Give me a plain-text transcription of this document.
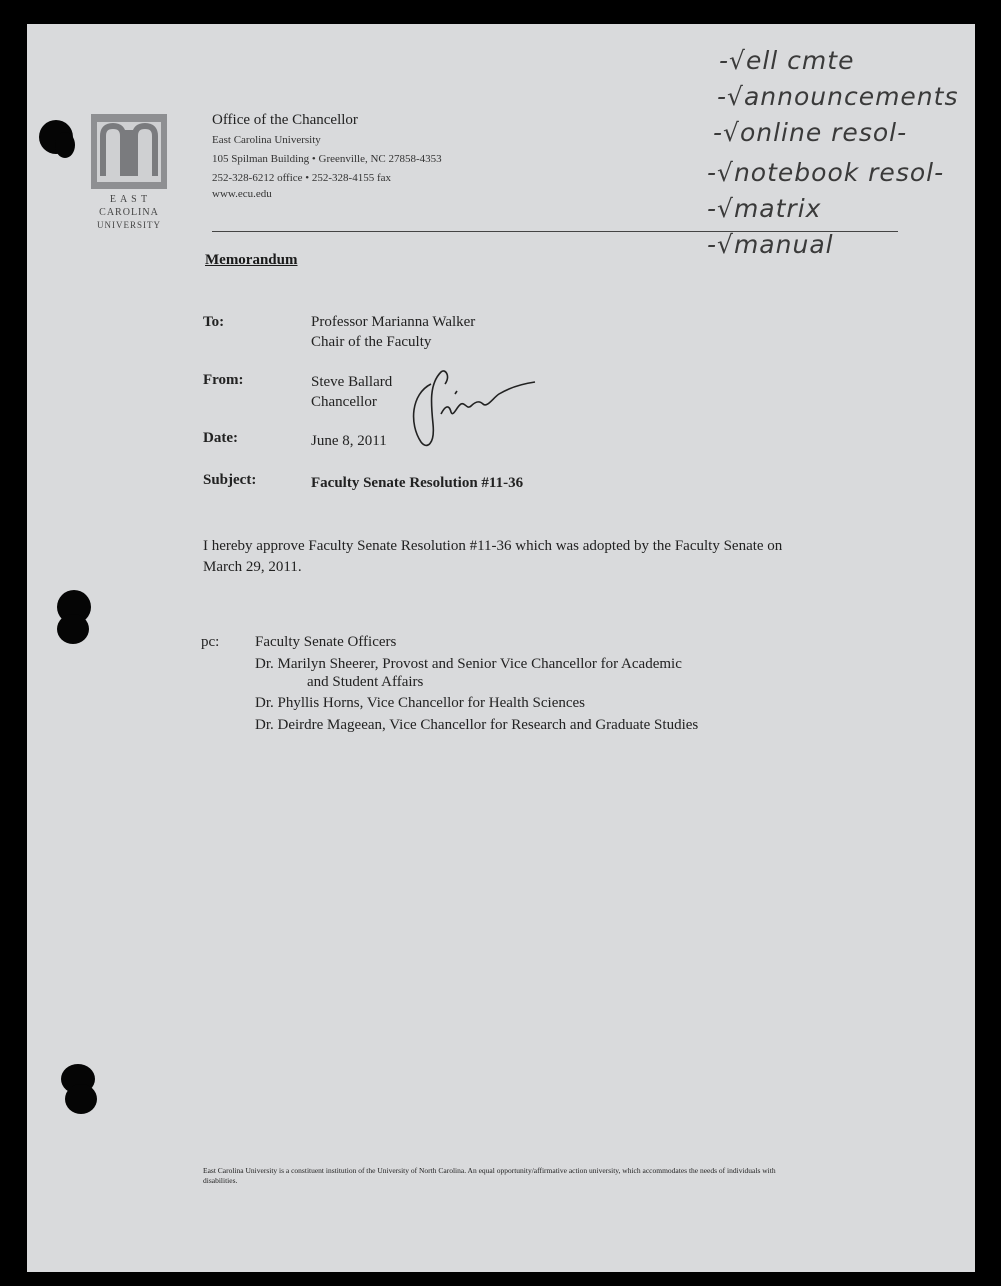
E A S T
CAROLINA
UNIVERSITY
Office of the Chancellor
East Carolina University
105 Spilman Building • Greenville, NC 27858-4353
252-328-6212 office • 252-328-4155 fax
www.ecu.edu
-√ell cmte
-√announcements
-√online resol-
-√notebook resol-
-√matrix
-√manual
Memorandum
To:	Professor Marianna Walker
Chair of the Faculty
From:	Steve Ballard
Chancellor
Date:	June 8, 2011
Subject:	Faculty Senate Resolution #11-36
I hereby approve Faculty Senate Resolution #11-36 which was adopted by the Faculty Senate on March 29, 2011.
pc: Faculty Senate Officers
Dr. Marilyn Sheerer, Provost and Senior Vice Chancellor for Academic
and Student Affairs
Dr. Phyllis Horns, Vice Chancellor for Health Sciences
Dr. Deirdre Mageean, Vice Chancellor for Research and Graduate Studies
East Carolina University is a constituent institution of the University of North Carolina. An equal opportunity/affirmative action university, which accommodates the needs of individuals with disabilities.
